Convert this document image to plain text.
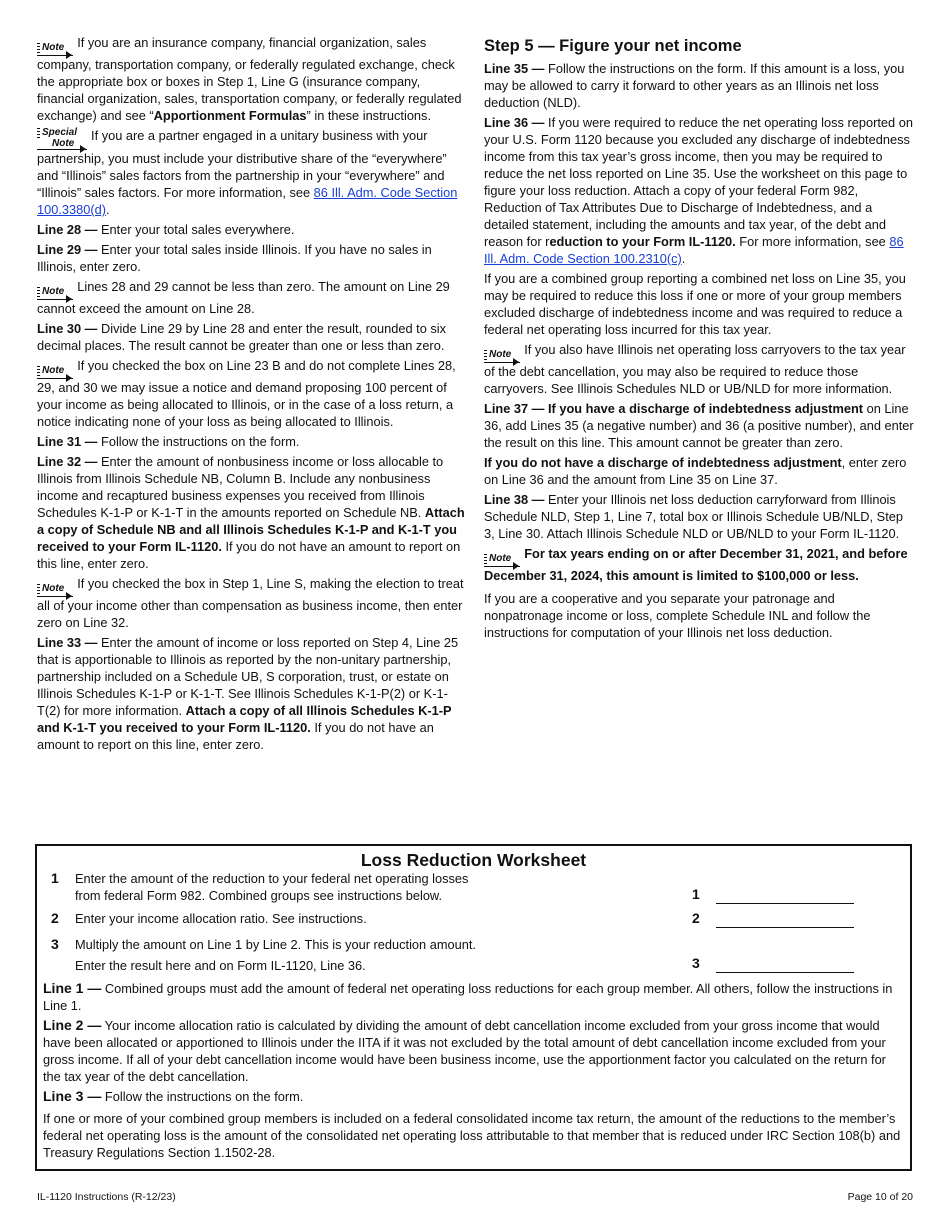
Note If you are an insurance company, financial organization, sales company, transportation company, or federally regulated exchange, check the appropriate box or boxes in Step 1, Line G (insurance company, financial organization, sales, transportation company, or federally regulated exchange) and see “Apportionment Formulas” in these instructions.

Special
Note
If you are a partner engaged in a unitary business with your partnership, you must include your distributive share of the “everywhere” and “Illinois” sales factors from the partnership in your “everywhere” and “Illinois” sales factors. For more information, see 86 Ill. Adm. Code Section 100.3380(d).

Line 28 — Enter your total sales everywhere.

Line 29 — Enter your total sales inside Illinois. If you have no sales in Illinois, enter zero.

Note Lines 28 and 29 cannot be less than zero. The amount on Line 29 cannot exceed the amount on Line 28.

Line 30 — Divide Line 29 by Line 28 and enter the result, rounded to six decimal places. The result cannot be greater than one or less than zero.

Note If you checked the box on Line 23 B and do not complete Lines 28, 29, and 30 we may issue a notice and demand proposing 100 percent of your income as being allocated to Illinois, or in the case of a loss return, a notice indicating none of your loss as being allocated to Illinois.

Line 31 — Follow the instructions on the form.

Line 32 — Enter the amount of nonbusiness income or loss allocable to Illinois from Illinois Schedule NB, Column B. Include any nonbusiness income and recaptured business expenses you received from Illinois Schedules K-1-P or K-1-T in the amounts reported on Schedule NB. Attach a copy of Schedule NB and all Illinois Schedules K-1-P and K-1-T you received to your Form IL-1120. If you do not have an amount to report on this line, enter zero.

Note If you checked the box in Step 1, Line S, making the election to treat all of your income other than compensation as business income, then enter zero on Line 32.

Line 33 — Enter the amount of income or loss reported on Step 4, Line 25 that is apportionable to Illinois as reported by the non-unitary partnership, partnership included on a Schedule UB, S corporation, trust, or estate on Illinois Schedules K-1-P or K-1-T. See Illinois Schedules K-1-P(2) or K-1-T(2) for more information. Attach a copy of all Illinois Schedules K-1-P and K-1-T you received to your Form IL-1120. If you do not have an amount to report on this line, enter zero.

Step 5 — Figure your net income

Line 35 — Follow the instructions on the form. If this amount is a loss, you may be allowed to carry it forward to other years as an Illinois net loss deduction (NLD).

Line 36 — If you were required to reduce the net operating loss reported on your U.S. Form 1120 because you excluded any discharge of indebtedness income from this tax year’s gross income, then you may be required to reduce the net loss reported on Line 35. Use the worksheet on this page to figure your loss reduction. Attach a copy of your federal Form 982, Reduction of Tax Attributes Due to Discharge of Indebtedness, and a detailed statement, including the amounts and tax year, of the debt and reason for reduction to your Form IL-1120. For more information, see 86 Ill. Adm. Code Section 100.2310(c).

If you are a combined group reporting a combined net loss on Line 35, you may be required to reduce this loss if one or more of your group members excluded discharge of indebtedness income and was required to reduce a federal net operating loss incurred for this tax year.

Note If you also have Illinois net operating loss carryovers to the tax year of the debt cancellation, you may also be required to reduce those carryovers. See Illinois Schedules NLD or UB/NLD for more information.

Line 37 — If you have a discharge of indebtedness adjustment on Line 36, add Lines 35 (a negative number) and 36 (a positive number), and enter the result on this line. This amount cannot be greater than zero.

If you do not have a discharge of indebtedness adjustment, enter zero on Line 36 and the amount from Line 35 on Line 37.

Line 38 — Enter your Illinois net loss deduction carryforward from Illinois Schedule NLD, Step 1, Line 7, total box or Illinois Schedule UB/NLD, Step 3, Line 30. Attach Illinois Schedule NLD or UB/NLD to your Form IL-1120.

Note For tax years ending on or after December 31, 2021, and before December 31, 2024, this amount is limited to $100,000 or less.

If you are a cooperative and you separate your patronage and nonpatronage income or loss, complete Schedule INL and follow the instructions for computation of your Illinois net loss deduction.

Loss Reduction Worksheet
1 Enter the amount of the reduction to your federal net operating losses
from federal Form 982. Combined groups see instructions below.	1
2 Enter your income allocation ratio. See instructions.	2
3 Multiply the amount on Line 1 by Line 2. This is your reduction amount.
Enter the result here and on Form IL-1120, Line 36.	3

Line 1 — Combined groups must add the amount of federal net operating loss reductions for each group member. All others, follow the instructions in Line 1.

Line 2 — Your income allocation ratio is calculated by dividing the amount of debt cancellation income excluded from your gross income that would have been allocated or apportioned to Illinois under the IITA if it was not excluded by the total amount of debt cancellation income excluded from your gross income. If all of your debt cancellation income would have been business income, use the apportionment factor you calculated on the return for the tax year of the debt cancellation.

Line 3 — Follow the instructions on the form.

If one or more of your combined group members is included on a federal consolidated income tax return, the amount of the reductions to the member’s federal net operating loss is the amount of the consolidated net operating loss attributable to that member that is reduced under IRC Section 108(b) and Treasury Regulations Section 1.1502-28.

IL-1120 Instructions (R-12/23)	Page 10 of 20
